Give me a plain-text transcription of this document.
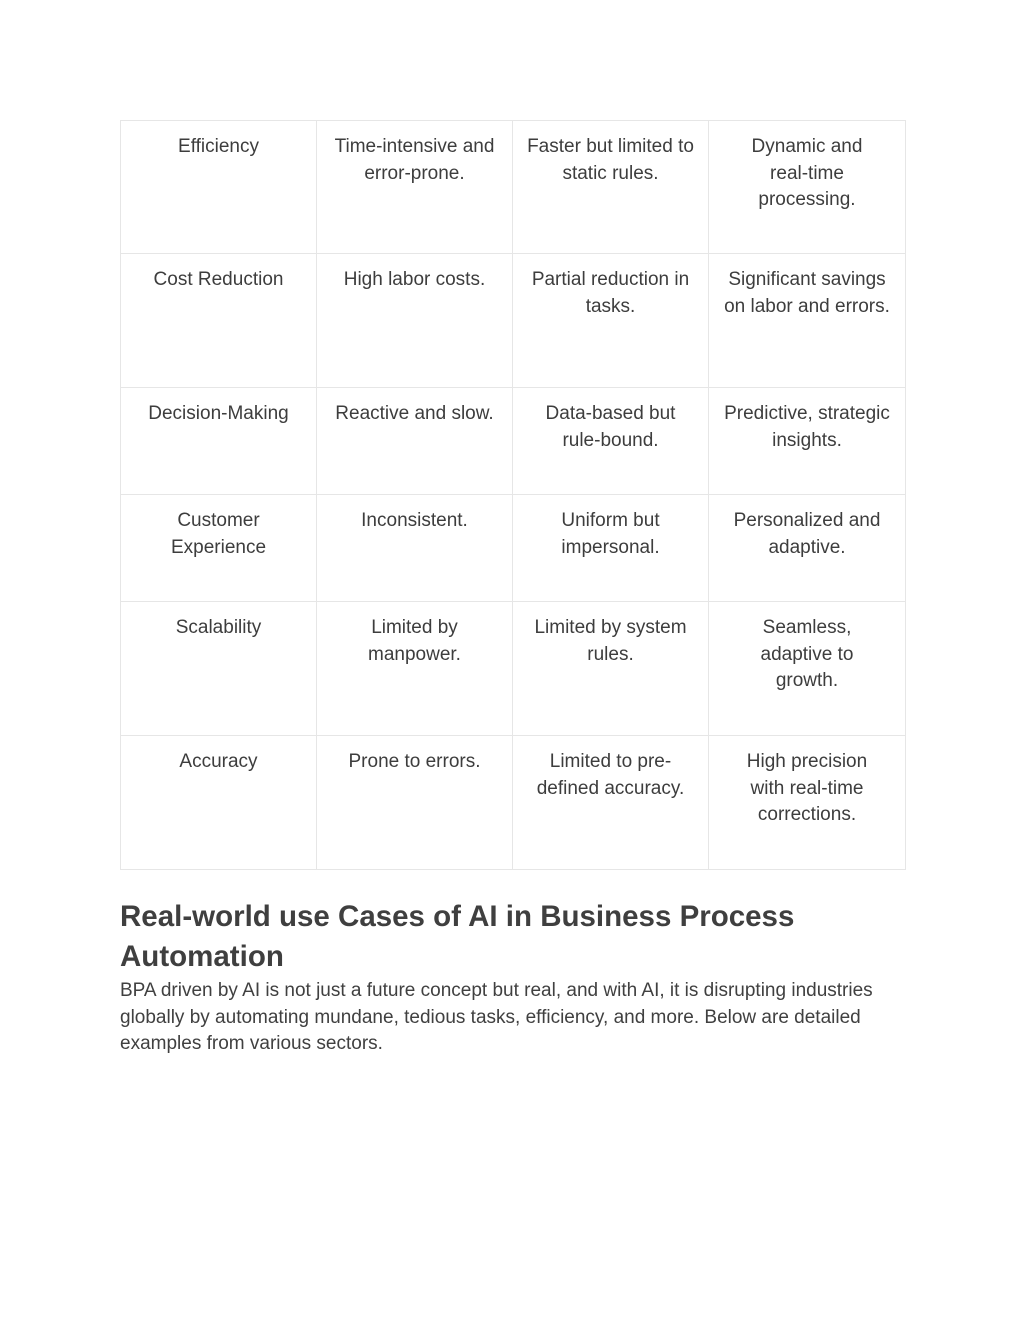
Efficiency	Time-intensive and error-prone.	Faster but limited to static rules.	Dynamic and real-time processing.

Cost Reduction	High labor costs.	Partial reduction in tasks.	Significant savings on labor and errors.

Decision-Making	Reactive and slow.	Data-based but rule-bound.	Predictive, strategic insights.

Customer Experience	Inconsistent.	Uniform but impersonal.	Personalized and adaptive.

Scalability	Limited by manpower.	Limited by system rules.	Seamless, adaptive to growth.

Accuracy	Prone to errors.	Limited to pre-defined accuracy.	High precision with real-time corrections.
Real-world use Cases of AI in Business Process Automation

BPA driven by AI is not just a future concept but real, and with AI, it is disrupting industries globally by automating mundane, tedious tasks, efficiency, and more. Below are detailed examples from various sectors.
